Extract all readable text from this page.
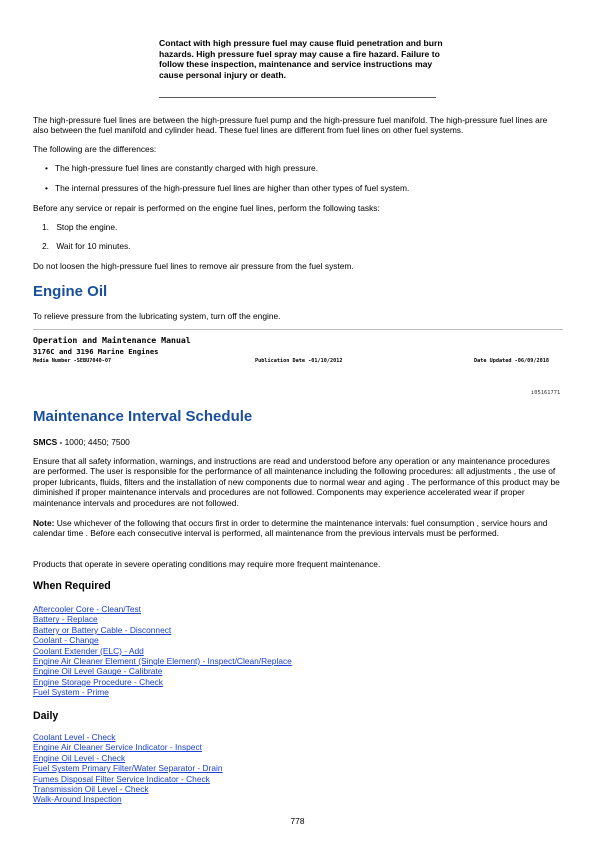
Contact with high pressure fuel may cause fluid penetration and burn hazards. High pressure fuel spray may cause a fire hazard. Failure to follow these inspection, maintenance and service instructions may cause personal injury or death.

The high-pressure fuel lines are between the high-pressure fuel pump and the high-pressure fuel manifold. The high-pressure fuel lines are also between the fuel manifold and cylinder head. These fuel lines are different from fuel lines on other fuel systems.

The following are the differences:

• The high-pressure fuel lines are constantly charged with high pressure.
• The internal pressures of the high-pressure fuel lines are higher than other types of fuel system.

Before any service or repair is performed on the engine fuel lines, perform the following tasks:

1. Stop the engine.
2. Wait for 10 minutes.

Do not loosen the high-pressure fuel lines to remove air pressure from the fuel system.

Engine Oil

To relieve pressure from the lubricating system, turn off the engine.

Operation and Maintenance Manual
3176C and 3196 Marine Engines
Media Number -SEBU7040-07	Publication Date -01/10/2012	Date Updated -06/09/2018
i05161771
Maintenance Interval Schedule
SMCS - 1000; 4450; 7500

Ensure that all safety information, warnings, and instructions are read and understood before any operation or any maintenance procedures are performed. The user is responsible for the performance of all maintenance including the following procedures: all adjustments , the use of proper lubricants, fluids, filters and the installation of new components due to normal wear and aging . The performance of this product may be diminished if proper maintenance intervals and procedures are not followed. Components may experience accelerated wear if proper maintenance intervals and procedures are not followed.

Note: Use whichever of the following that occurs first in order to determine the maintenance intervals: fuel consumption , service hours and calendar time . Before each consecutive interval is performed, all maintenance from the previous intervals must be performed.

Products that operate in severe operating conditions may require more frequent maintenance.

When Required
Aftercooler Core - Clean/Test
Battery - Replace
Battery or Battery Cable - Disconnect
Coolant - Change
Coolant Extender (ELC) - Add
Engine Air Cleaner Element (Single Element) - Inspect/Clean/Replace
Engine Oil Level Gauge - Calibrate
Engine Storage Procedure - Check
Fuel System - Prime
Daily
Coolant Level - Check
Engine Air Cleaner Service Indicator - Inspect
Engine Oil Level - Check
Fuel System Primary Filter/Water Separator - Drain
Fumes Disposal Filter Service Indicator - Check
Transmission Oil Level - Check
Walk-Around Inspection
778
